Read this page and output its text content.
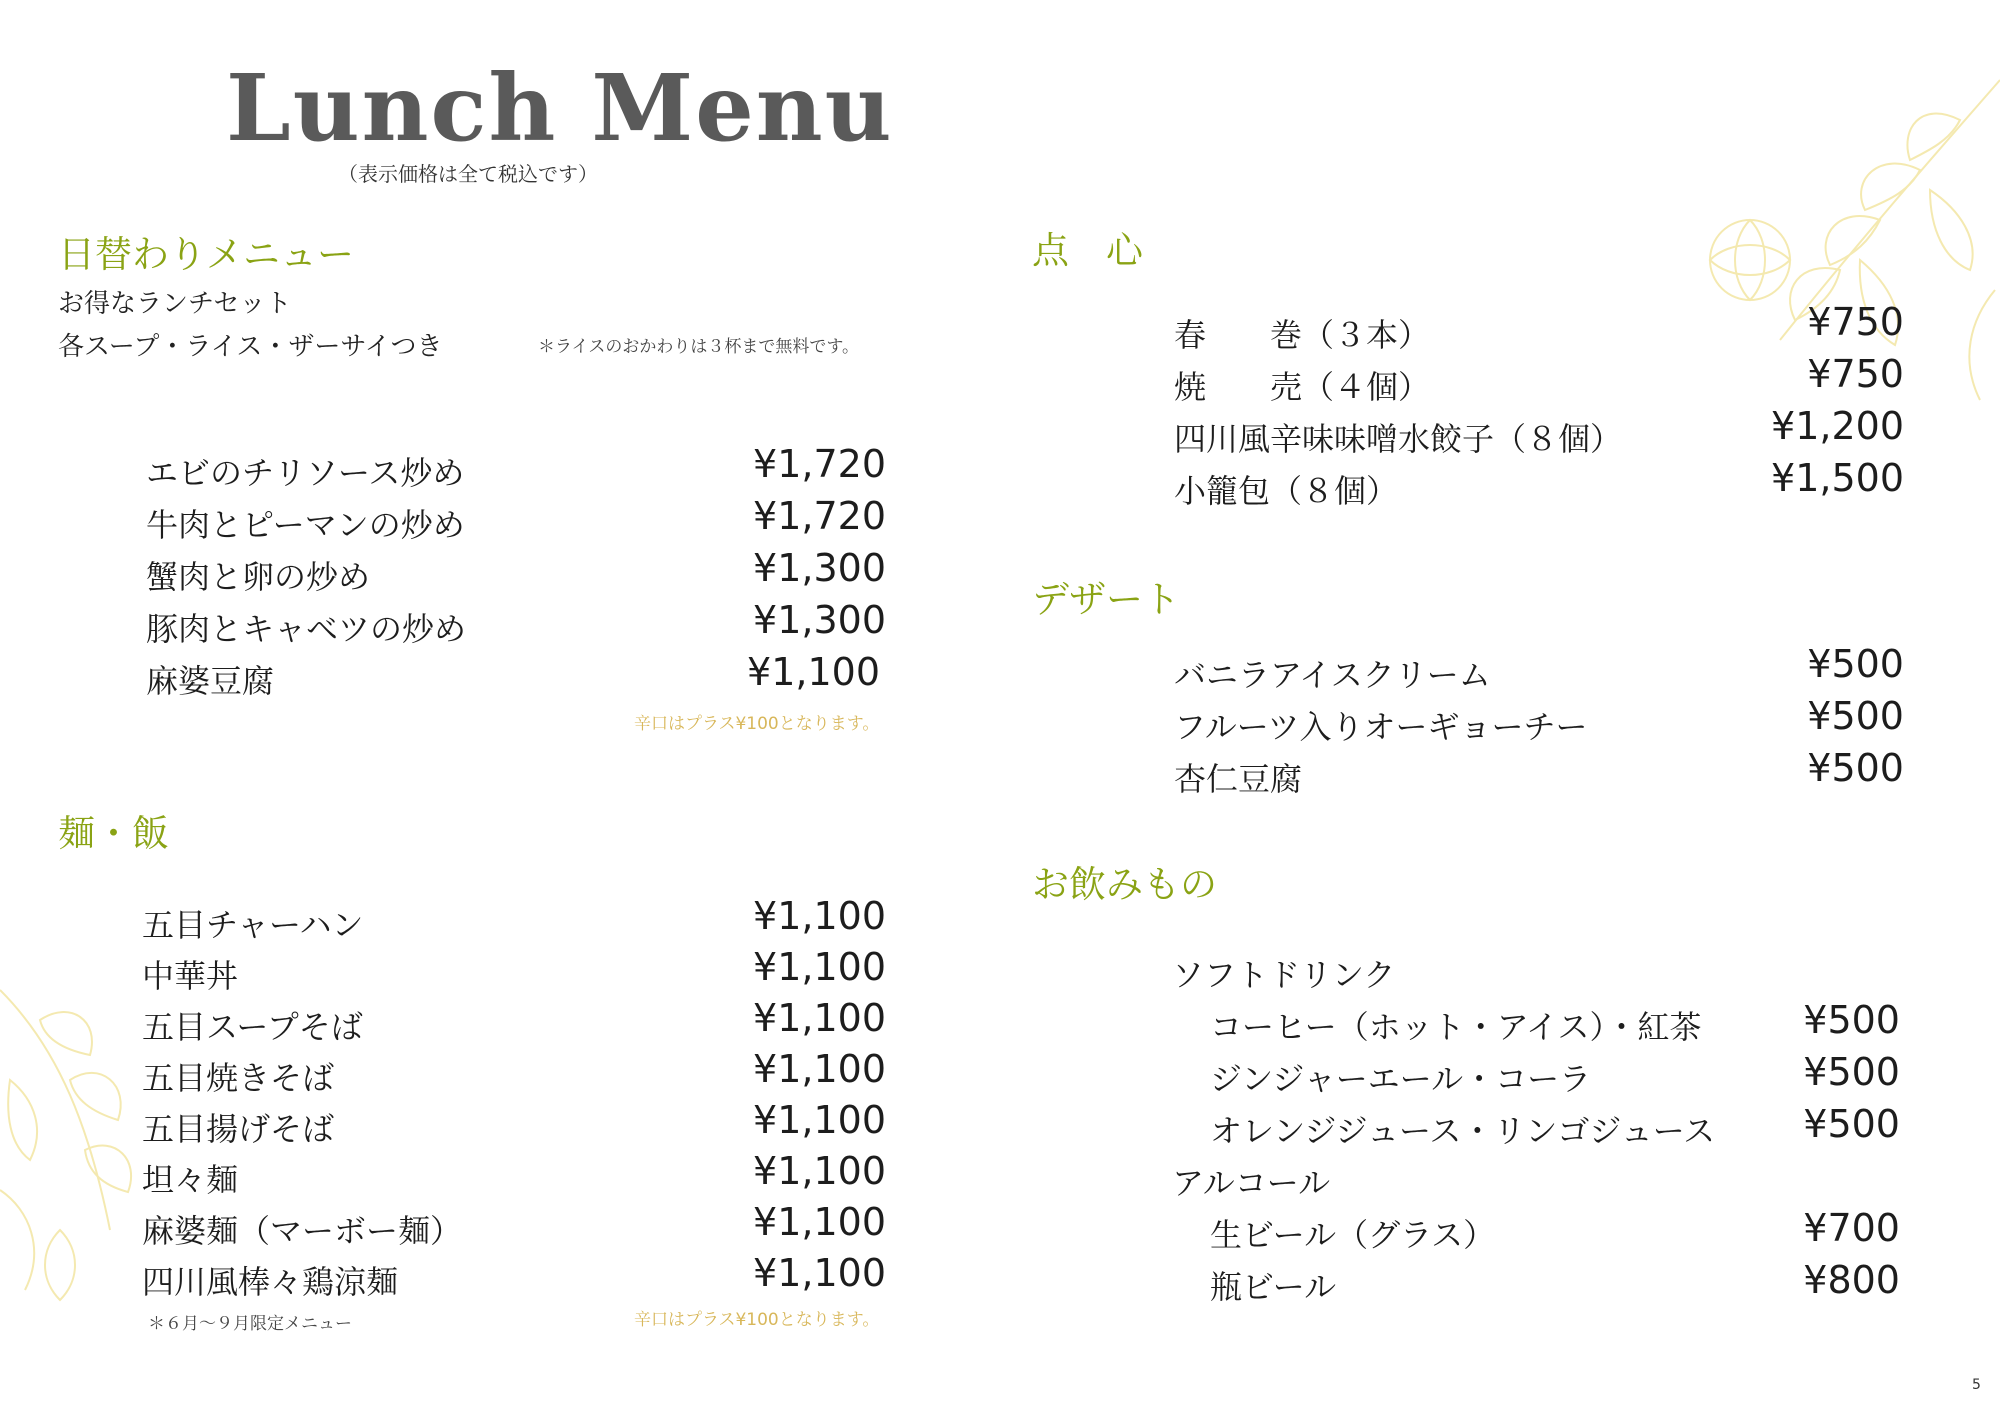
Lunch Menu
（表示価格は全て税込です）
日替わりメニュー
お得なランチセット
各スープ・ライス・ザーサイつき	＊ライスのおかわりは３杯まで無料です。
エビのチリソース炒め	¥1,720
牛肉とピーマンの炒め	¥1,720
蟹肉と卵の炒め	¥1,300
豚肉とキャベツの炒め	¥1,300
麻婆豆腐	¥1,100
辛口はプラス¥100となります。
麺・飯
五目チャーハン	¥1,100
中華丼	¥1,100
五目スープそば	¥1,100
五目焼きそば	¥1,100
五目揚げそば	¥1,100
坦々麺	¥1,100
麻婆麺（マーボー麺）	¥1,100
四川風棒々鶏涼麺	¥1,100
＊６月～９月限定メニュー	辛口はプラス¥100となります。
点　心
春　　巻（３本）	¥750
焼　　売（４個）	¥750
四川風辛味味噌水餃子（８個）	¥1,200
小籠包（８個）	¥1,500
デザート
バニラアイスクリーム	¥500
フルーツ入りオーギョーチー	¥500
杏仁豆腐	¥500
お飲みもの
ソフトドリンク
コーヒー（ホット・アイス）・紅茶	¥500
ジンジャーエール・コーラ	¥500
オレンジジュース・リンゴジュース	¥500
アルコール
生ビール（グラス）	¥700
瓶ビール	¥800
5
